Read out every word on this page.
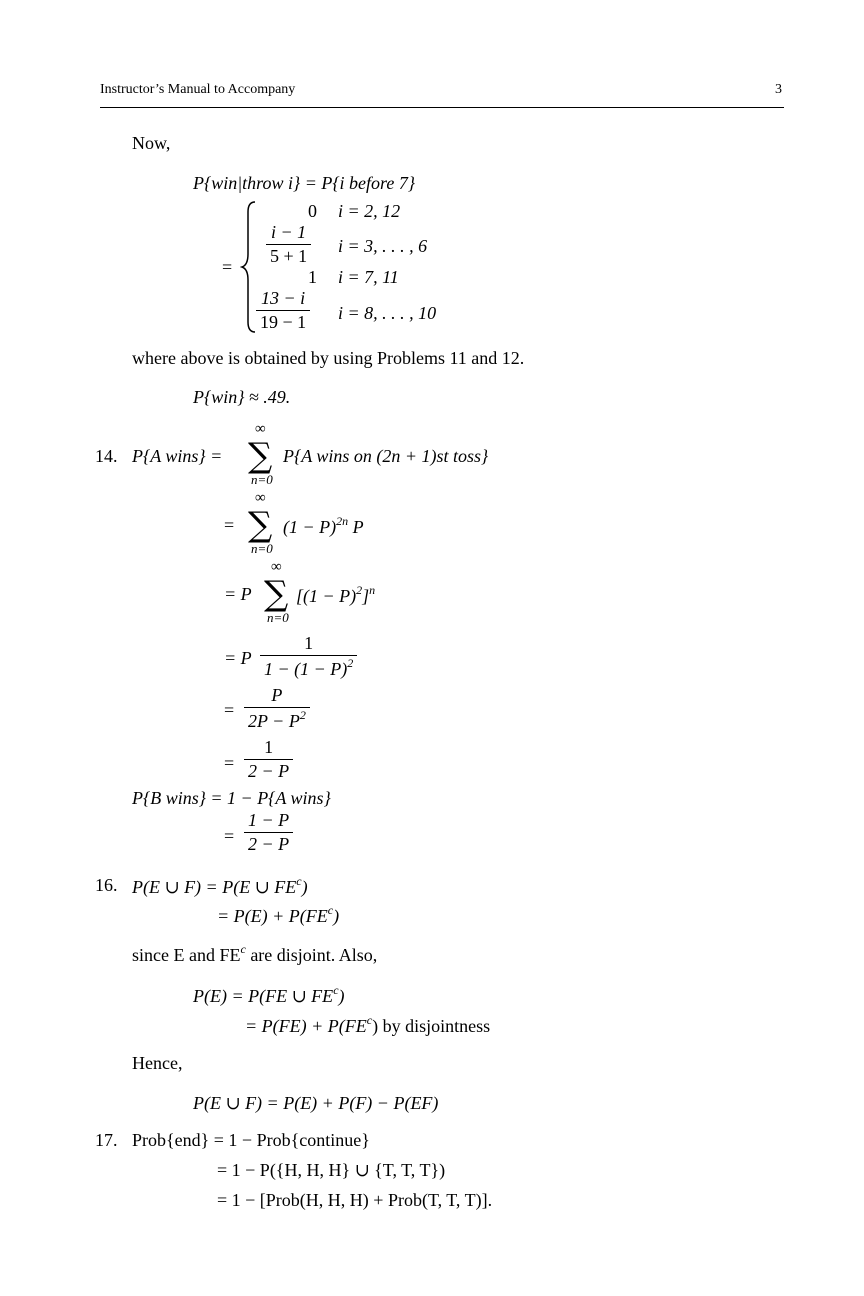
Instructor’s Manual to Accompany	3
Now,
P{win|throw i} = P{i before 7}
=
0 i = 2, 12
i − 1
5 + 1 i = 3, . . . , 6
1 i = 7, 11
13 − i
19 − 1 i = 8, . . . , 10
where above is obtained by using Problems 11 and 12.
P{win} ≈ .49.
14. P{A wins} =
∞
∑
n=0
P{A wins on (2n + 1)st toss}
=
∞
∑
n=0
$(1 - P)^{2n}$ P
= P
∞
∑
n=0
$[(1 - P)^2]^n$
= P
1
$1 - (1 - P)^2$
=
P
$2P - P^2$
=
1
2 − P
P{B wins} = 1 − P{A wins}
=
1 − P
2 − P
16. P(E ∪ F) = P(E ∪ $FE^c$)
= $P(E) + P(FE^c)$
since E and $FE^c$ are disjoint. Also,
P(E) = P(FE ∪ $FE^c$)
= $P(FE) + P(FE^c)$ by disjointness
Hence,
P(E ∪ F) = P(E) + P(F) − P(EF)
17. Prob{end} = 1 − Prob{continue}
= 1 − P({H, H, H} ∪ {T, T, T})
= 1 − [Prob(H, H, H) + Prob(T, T, T)].
